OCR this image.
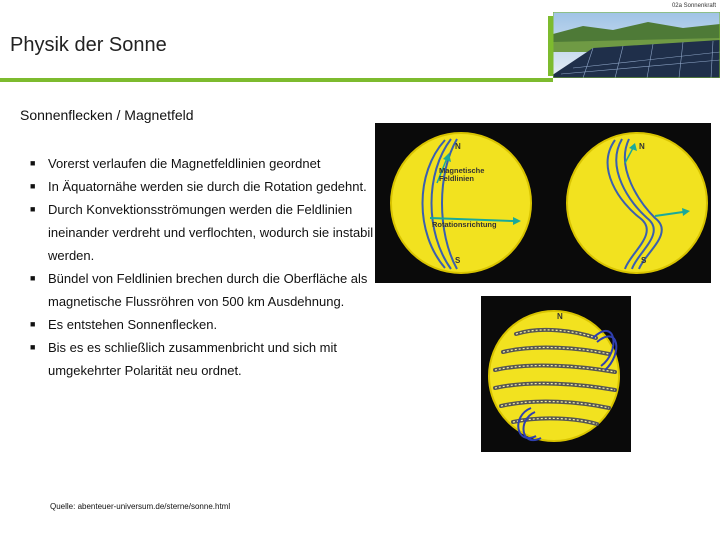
02a Sonnenkraft
Physik der Sonne
Sonnenflecken / Magnetfeld
■ Vorerst verlaufen die Magnetfeldlinien geordnet
■ In Äquatornähe werden sie durch die Rotation gedehnt.
■ Durch Konvektionsströmungen werden die Feldlinien ineinander verdreht und verflochten, wodurch sie instabil werden.
■ Bündel von Feldlinien brechen durch die Oberfläche als magnetische Flussröhren von 500 km Ausdehnung.
■ Es entstehen Sonnenflecken.
■ Bis es es schließlich zusammenbricht und sich mit umgekehrter Polarität neu ordnet.
Quelle: abenteuer-universum.de/sterne/sonne.html
N
S
Magnetische
Feldlinien
Rotationsrichtung
N
S
N
